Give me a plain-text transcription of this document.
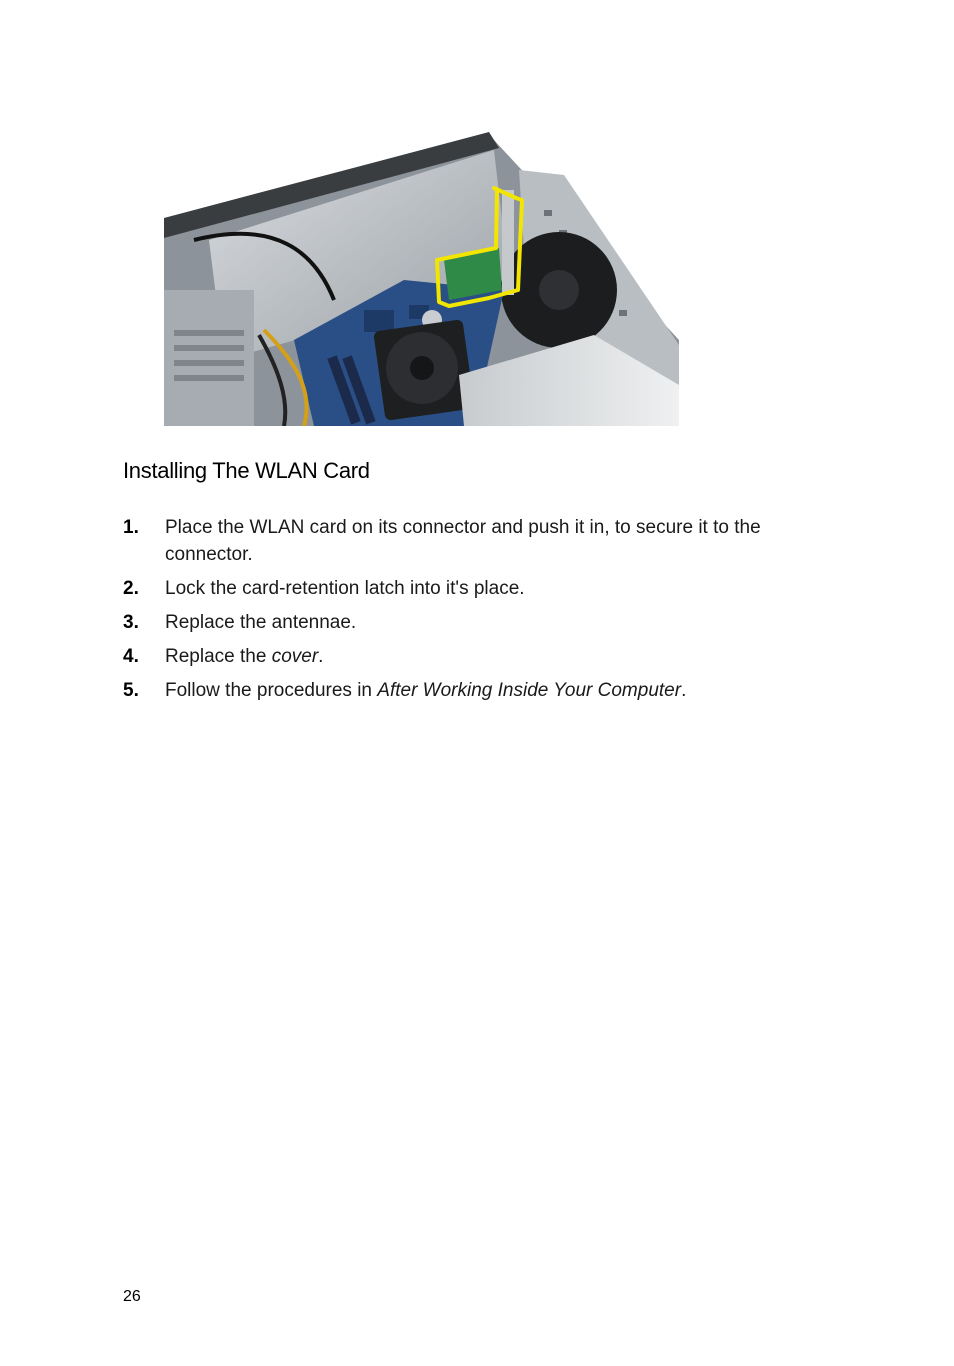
Installing The WLAN Card
1. Place the WLAN card on its connector and push it in, to secure it to the connector.
2. Lock the card-retention latch into it's place.
3. Replace the antennae.
4. Replace the cover.
5. Follow the procedures in After Working Inside Your Computer.
26
